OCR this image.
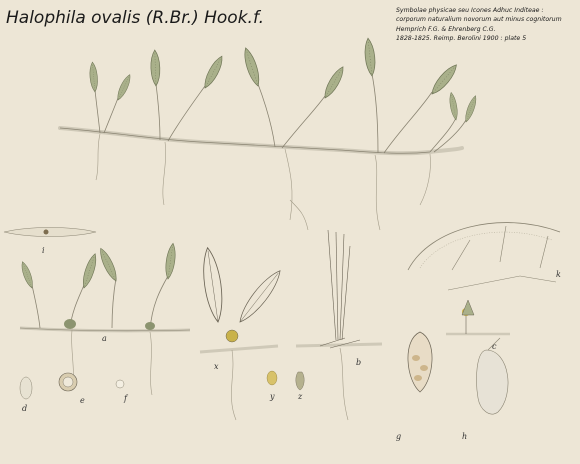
Halophila ovalis (R.Br.) Hook.f.	Symbolae physicae seu Icones Adhuc Inditeae :
corporum naturalium novorum aut minus cognitorum
Hemprich F.G. & Ehrenberg C.G.
1828-1825. Reimp. Berolini 1900 : plate 5
i
k
a
x	b
c
d
e	f	y	z
g	h
